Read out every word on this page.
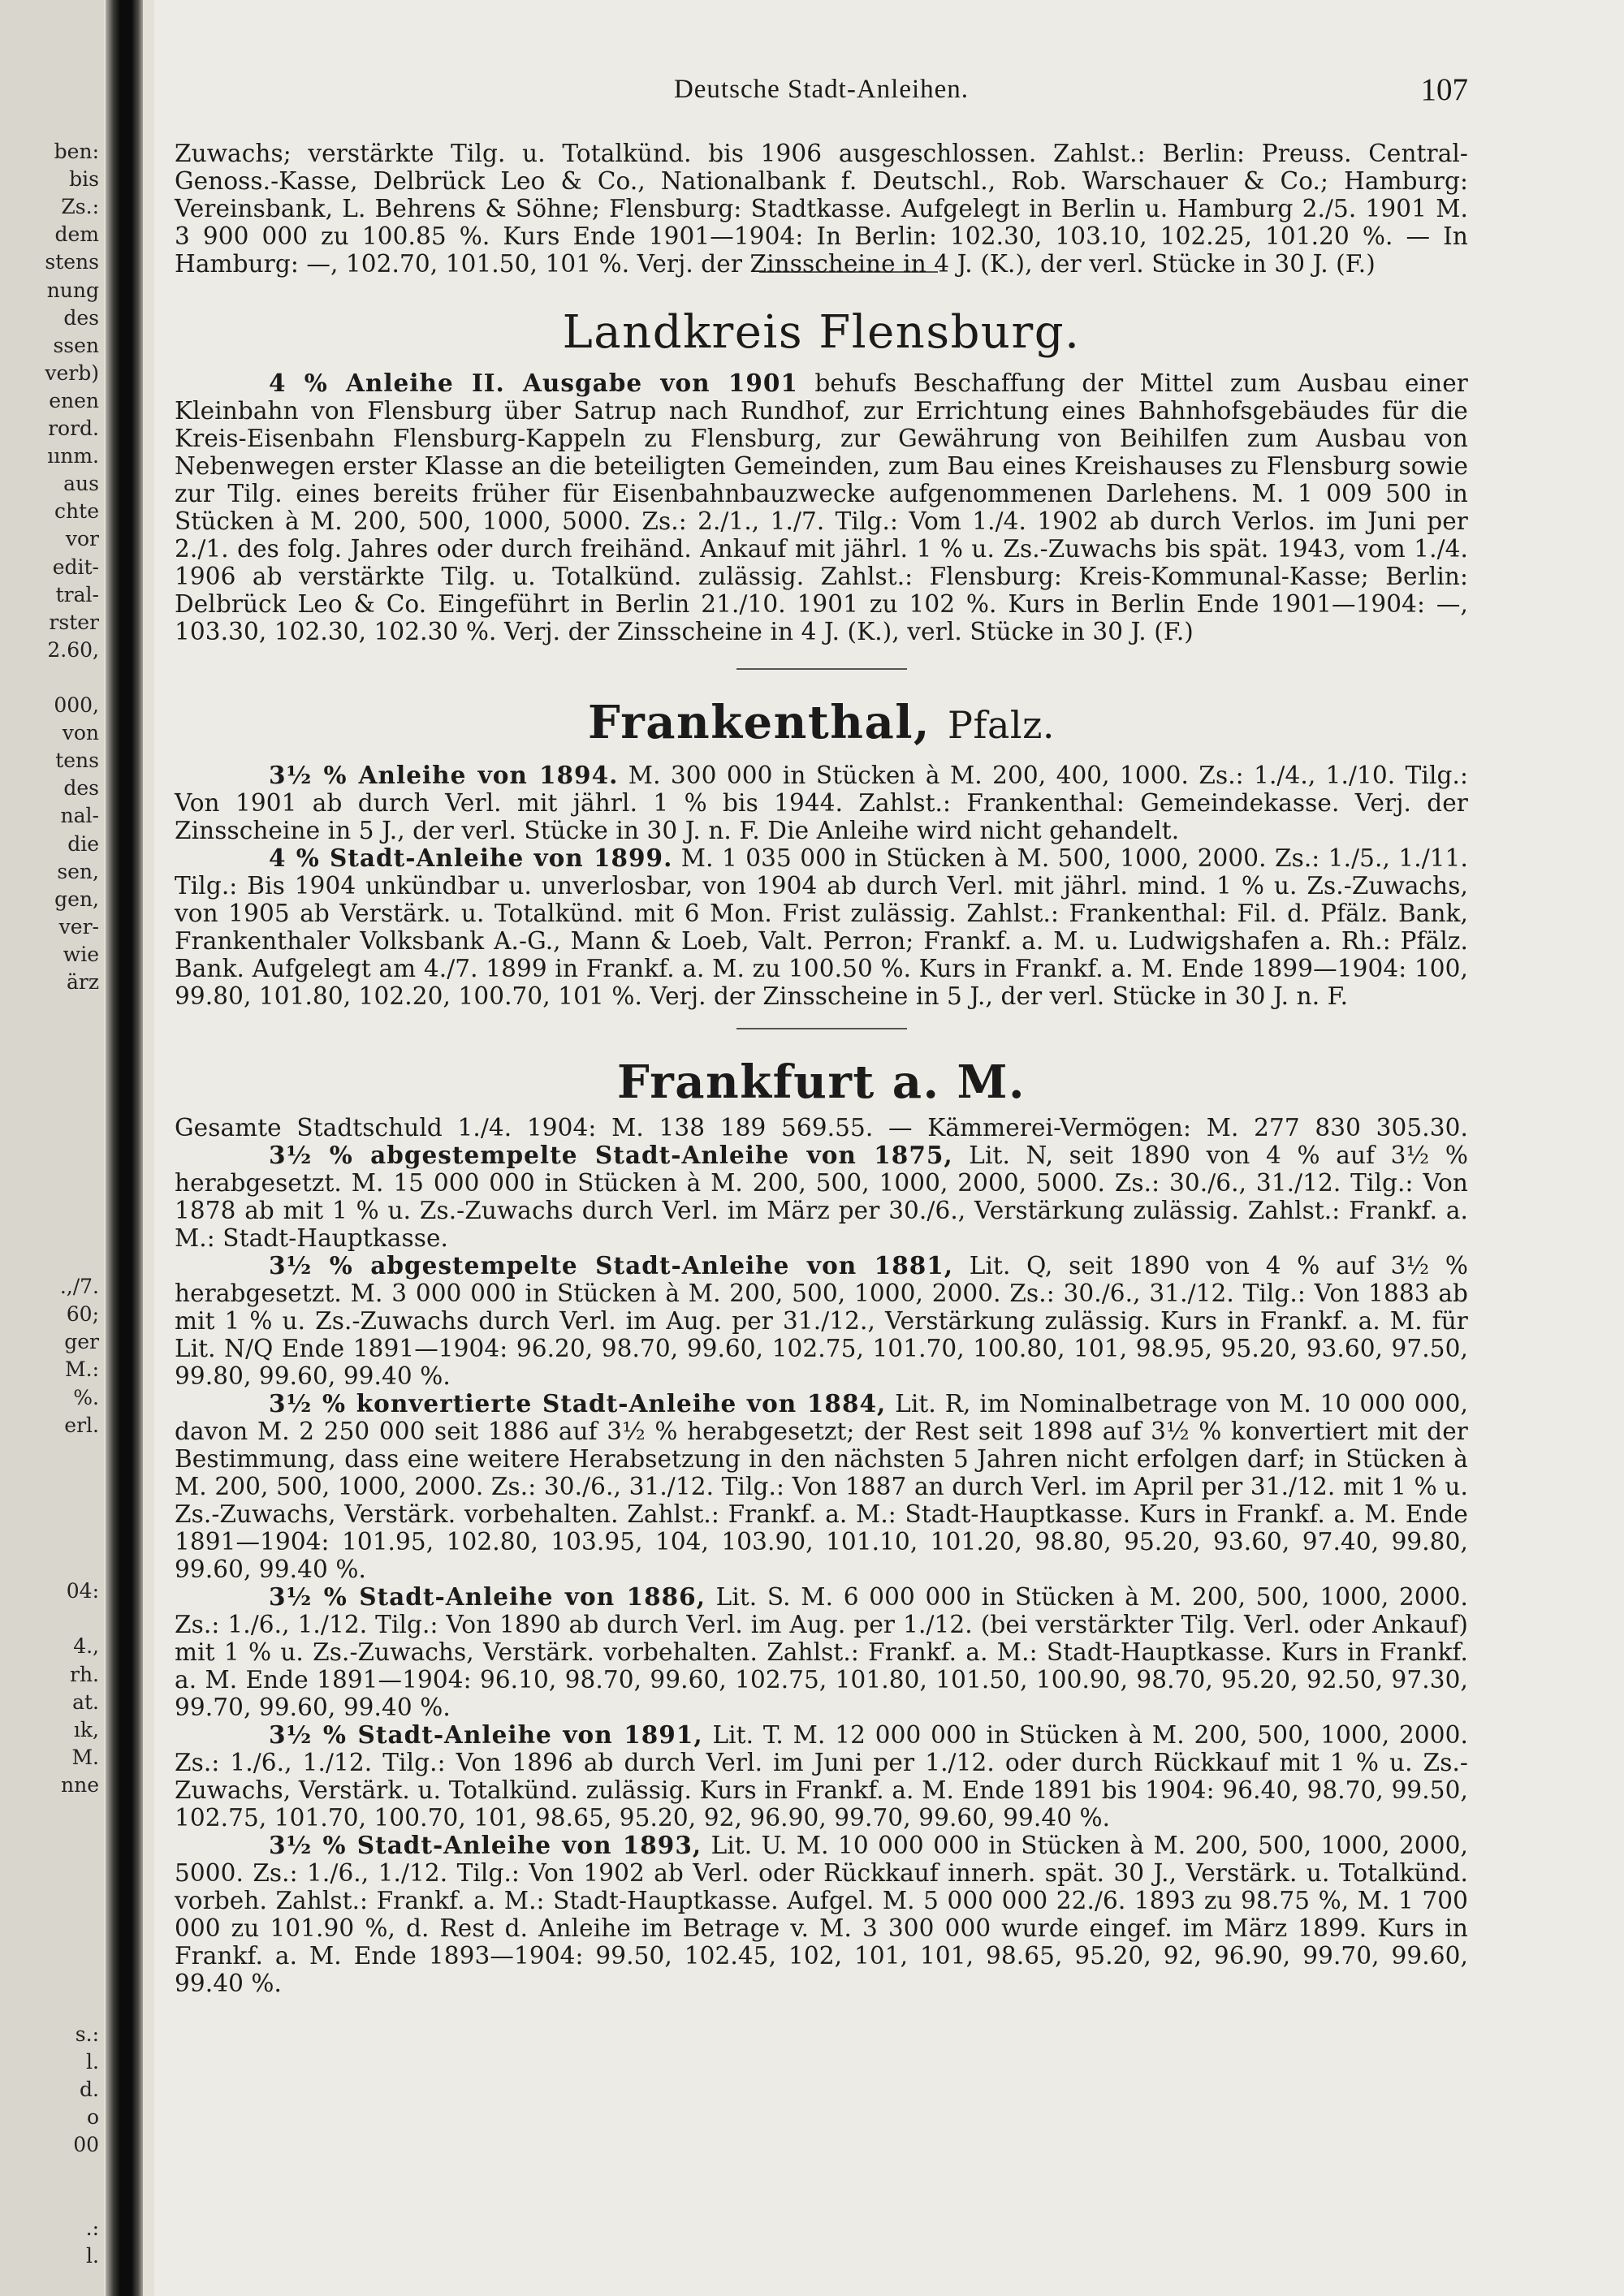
ben:
bis
Zs.:
dem
stens
nung
des
ssen
verb)
enen
rord.
ıınm.
aus
chte
vor
edit-
tral-
rster
2.60,
000,
von
tens
des
nal-
die
sen,
gen,
ver-
wie
ärz
.,/7.
60;
ger
M.:
%.
erl.
04:
4.,
rh.
at.
ık,
M.
nne
s.:
l.
d.
o
00
.:
l.
Deutsche Stadt-Anleihen.	107

Zuwachs; verstärkte Tilg. u. Totalkünd. bis 1906 ausgeschlossen. Zahlst.: Berlin: Preuss. Central-Genoss.-Kasse, Delbrück Leo & Co., Nationalbank f. Deutschl., Rob. Warschauer & Co.; Hamburg: Vereinsbank, L. Behrens & Söhne; Flensburg: Stadtkasse. Aufgelegt in Berlin u. Hamburg 2./5. 1901 M. 3 900 000 zu 100.85 %. Kurs Ende 1901—1904: In Berlin: 102.30, 103.10, 102.25, 101.20 %. — In Hamburg: —, 102.70, 101.50, 101 %. Verj. der Zinsscheine in 4 J. (K.), der verl. Stücke in 30 J. (F.)

Landkreis Flensburg.

4 % Anleihe II. Ausgabe von 1901 behufs Beschaffung der Mittel zum Ausbau einer Kleinbahn von Flensburg über Satrup nach Rundhof, zur Errichtung eines Bahnhofsgebäudes für die Kreis-Eisenbahn Flensburg-Kappeln zu Flensburg, zur Gewährung von Beihilfen zum Ausbau von Nebenwegen erster Klasse an die beteiligten Gemeinden, zum Bau eines Kreishauses zu Flensburg sowie zur Tilg. eines bereits früher für Eisenbahnbauzwecke aufgenommenen Darlehens. M. 1 009 500 in Stücken à M. 200, 500, 1000, 5000. Zs.: 2./1., 1./7. Tilg.: Vom 1./4. 1902 ab durch Verlos. im Juni per 2./1. des folg. Jahres oder durch freihänd. Ankauf mit jährl. 1 % u. Zs.-Zuwachs bis spät. 1943, vom 1./4. 1906 ab verstärkte Tilg. u. Totalkünd. zulässig. Zahlst.: Flensburg: Kreis-Kommunal-Kasse; Berlin: Delbrück Leo & Co. Eingeführt in Berlin 21./10. 1901 zu 102 %. Kurs in Berlin Ende 1901—1904: —, 103.30, 102.30, 102.30 %. Verj. der Zinsscheine in 4 J. (K.), verl. Stücke in 30 J. (F.)

Frankenthal, Pfalz.

3½ % Anleihe von 1894. M. 300 000 in Stücken à M. 200, 400, 1000. Zs.: 1./4., 1./10. Tilg.: Von 1901 ab durch Verl. mit jährl. 1 % bis 1944. Zahlst.: Frankenthal: Gemeindekasse. Verj. der Zinsscheine in 5 J., der verl. Stücke in 30 J. n. F. Die Anleihe wird nicht gehandelt.

4 % Stadt-Anleihe von 1899. M. 1 035 000 in Stücken à M. 500, 1000, 2000. Zs.: 1./5., 1./11. Tilg.: Bis 1904 unkündbar u. unverlosbar, von 1904 ab durch Verl. mit jährl. mind. 1 % u. Zs.-Zuwachs, von 1905 ab Verstärk. u. Totalkünd. mit 6 Mon. Frist zulässig. Zahlst.: Frankenthal: Fil. d. Pfälz. Bank, Frankenthaler Volksbank A.-G., Mann & Loeb, Valt. Perron; Frankf. a. M. u. Ludwigshafen a. Rh.: Pfälz. Bank. Aufgelegt am 4./7. 1899 in Frankf. a. M. zu 100.50 %. Kurs in Frankf. a. M. Ende 1899—1904: 100, 99.80, 101.80, 102.20, 100.70, 101 %. Verj. der Zinsscheine in 5 J., der verl. Stücke in 30 J. n. F.

Frankfurt a. M.

Gesamte Stadtschuld 1./4. 1904: M. 138 189 569.55. — Kämmerei-Vermögen: M. 277 830 305.30.

3½ % abgestempelte Stadt-Anleihe von 1875, Lit. N, seit 1890 von 4 % auf 3½ % herabgesetzt. M. 15 000 000 in Stücken à M. 200, 500, 1000, 2000, 5000. Zs.: 30./6., 31./12. Tilg.: Von 1878 ab mit 1 % u. Zs.-Zuwachs durch Verl. im März per 30./6., Verstärkung zulässig. Zahlst.: Frankf. a. M.: Stadt-Hauptkasse.

3½ % abgestempelte Stadt-Anleihe von 1881, Lit. Q, seit 1890 von 4 % auf 3½ % herabgesetzt. M. 3 000 000 in Stücken à M. 200, 500, 1000, 2000. Zs.: 30./6., 31./12. Tilg.: Von 1883 ab mit 1 % u. Zs.-Zuwachs durch Verl. im Aug. per 31./12., Verstärkung zulässig. Kurs in Frankf. a. M. für Lit. N/Q Ende 1891—1904: 96.20, 98.70, 99.60, 102.75, 101.70, 100.80, 101, 98.95, 95.20, 93.60, 97.50, 99.80, 99.60, 99.40 %.

3½ % konvertierte Stadt-Anleihe von 1884, Lit. R, im Nominalbetrage von M. 10 000 000, davon M. 2 250 000 seit 1886 auf 3½ % herabgesetzt; der Rest seit 1898 auf 3½ % konvertiert mit der Bestimmung, dass eine weitere Herabsetzung in den nächsten 5 Jahren nicht erfolgen darf; in Stücken à M. 200, 500, 1000, 2000. Zs.: 30./6., 31./12. Tilg.: Von 1887 an durch Verl. im April per 31./12. mit 1 % u. Zs.-Zuwachs, Verstärk. vorbehalten. Zahlst.: Frankf. a. M.: Stadt-Hauptkasse. Kurs in Frankf. a. M. Ende 1891—1904: 101.95, 102.80, 103.95, 104, 103.90, 101.10, 101.20, 98.80, 95.20, 93.60, 97.40, 99.80, 99.60, 99.40 %.

3½ % Stadt-Anleihe von 1886, Lit. S. M. 6 000 000 in Stücken à M. 200, 500, 1000, 2000. Zs.: 1./6., 1./12. Tilg.: Von 1890 ab durch Verl. im Aug. per 1./12. (bei verstärkter Tilg. Verl. oder Ankauf) mit 1 % u. Zs.-Zuwachs, Verstärk. vorbehalten. Zahlst.: Frankf. a. M.: Stadt-Hauptkasse. Kurs in Frankf. a. M. Ende 1891—1904: 96.10, 98.70, 99.60, 102.75, 101.80, 101.50, 100.90, 98.70, 95.20, 92.50, 97.30, 99.70, 99.60, 99.40 %.

3½ % Stadt-Anleihe von 1891, Lit. T. M. 12 000 000 in Stücken à M. 200, 500, 1000, 2000. Zs.: 1./6., 1./12. Tilg.: Von 1896 ab durch Verl. im Juni per 1./12. oder durch Rückkauf mit 1 % u. Zs.-Zuwachs, Verstärk. u. Totalkünd. zulässig. Kurs in Frankf. a. M. Ende 1891 bis 1904: 96.40, 98.70, 99.50, 102.75, 101.70, 100.70, 101, 98.65, 95.20, 92, 96.90, 99.70, 99.60, 99.40 %.

3½ % Stadt-Anleihe von 1893, Lit. U. M. 10 000 000 in Stücken à M. 200, 500, 1000, 2000, 5000. Zs.: 1./6., 1./12. Tilg.: Von 1902 ab Verl. oder Rückkauf innerh. spät. 30 J., Verstärk. u. Totalkünd. vorbeh. Zahlst.: Frankf. a. M.: Stadt-Hauptkasse. Aufgel. M. 5 000 000 22./6. 1893 zu 98.75 %, M. 1 700 000 zu 101.90 %, d. Rest d. Anleihe im Betrage v. M. 3 300 000 wurde eingef. im März 1899. Kurs in Frankf. a. M. Ende 1893—1904: 99.50, 102.45, 102, 101, 101, 98.65, 95.20, 92, 96.90, 99.70, 99.60, 99.40 %.
